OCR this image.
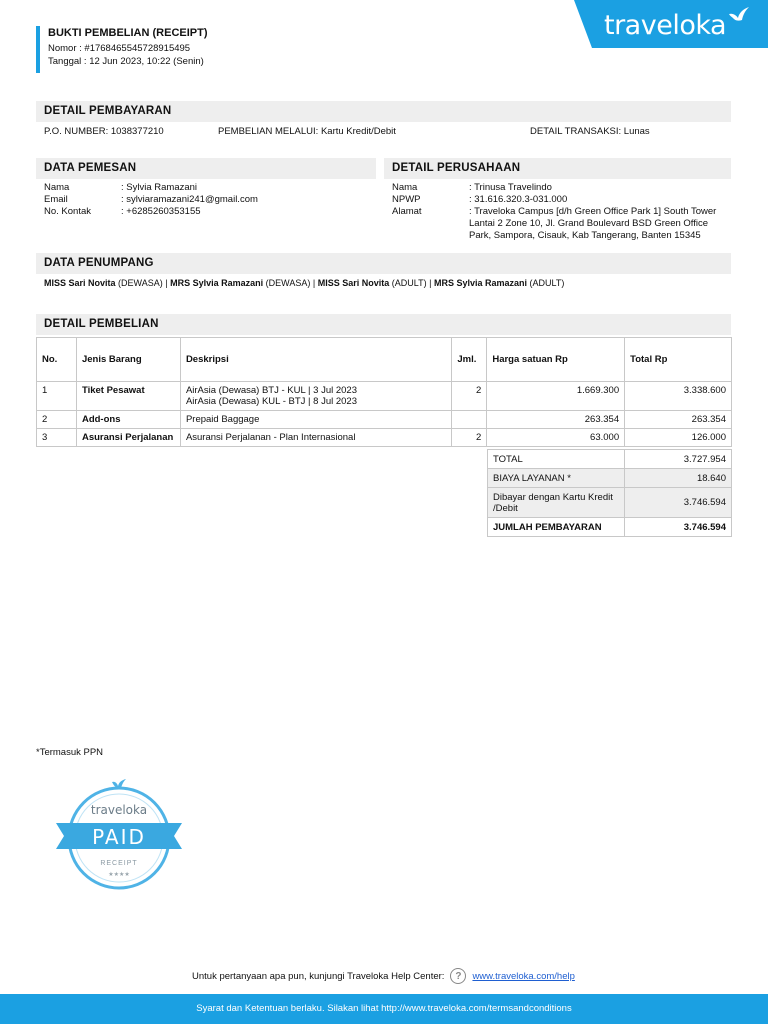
BUKTI PEMBELIAN (RECEIPT)
Nomor : #1768465545728915495
Tanggal : 12 Jun 2023, 10:22 (Senin)
traveloka
DETAIL PEMBAYARAN
P.O. NUMBER: 1038377210	PEMBELIAN MELALUI: Kartu Kredit/Debit	DETAIL TRANSAKSI: Lunas
DATA PEMESAN
Nama	: Sylvia Ramazani
Email	: sylviaramazani241@gmail.com
No. Kontak	: +6285260353155
DETAIL PERUSAHAAN
Nama	: Trinusa Travelindo
NPWP	: 31.616.320.3-031.000
Alamat	: Traveloka Campus [d/h Green Office Park 1] South Tower Lantai 2 Zone 10, Jl. Grand Boulevard BSD Green Office Park, Sampora, Cisauk, Kab Tangerang, Banten 15345
DATA PENUMPANG
MISS Sari Novita (DEWASA) | MRS Sylvia Ramazani (DEWASA) | MISS Sari Novita (ADULT) | MRS Sylvia Ramazani (ADULT)
DETAIL PEMBELIAN
No.	Jenis Barang	Deskripsi	Jml.	Harga satuan Rp	Total Rp
1	Tiket Pesawat	AirAsia (Dewasa) BTJ - KUL | 3 Jul 2023
AirAsia (Dewasa) KUL - BTJ | 8 Jul 2023	2	1.669.300	3.338.600
2	Add-ons	Prepaid Baggage		263.354	263.354
3	Asuransi Perjalanan	Asuransi Perjalanan - Plan Internasional	2	63.000	126.000
TOTAL	3.727.954
BIAYA LAYANAN *	18.640
Dibayar dengan Kartu Kredit /Debit	3.746.594
JUMLAH PEMBAYARAN	3.746.594
*Termasuk PPN
traveloka
PAID
RECEIPT
★★★★
Untuk pertanyaan apa pun, kunjungi Traveloka Help Center:	?	www.traveloka.com/help
Syarat dan Ketentuan berlaku. Silakan lihat http://www.traveloka.com/termsandconditions
